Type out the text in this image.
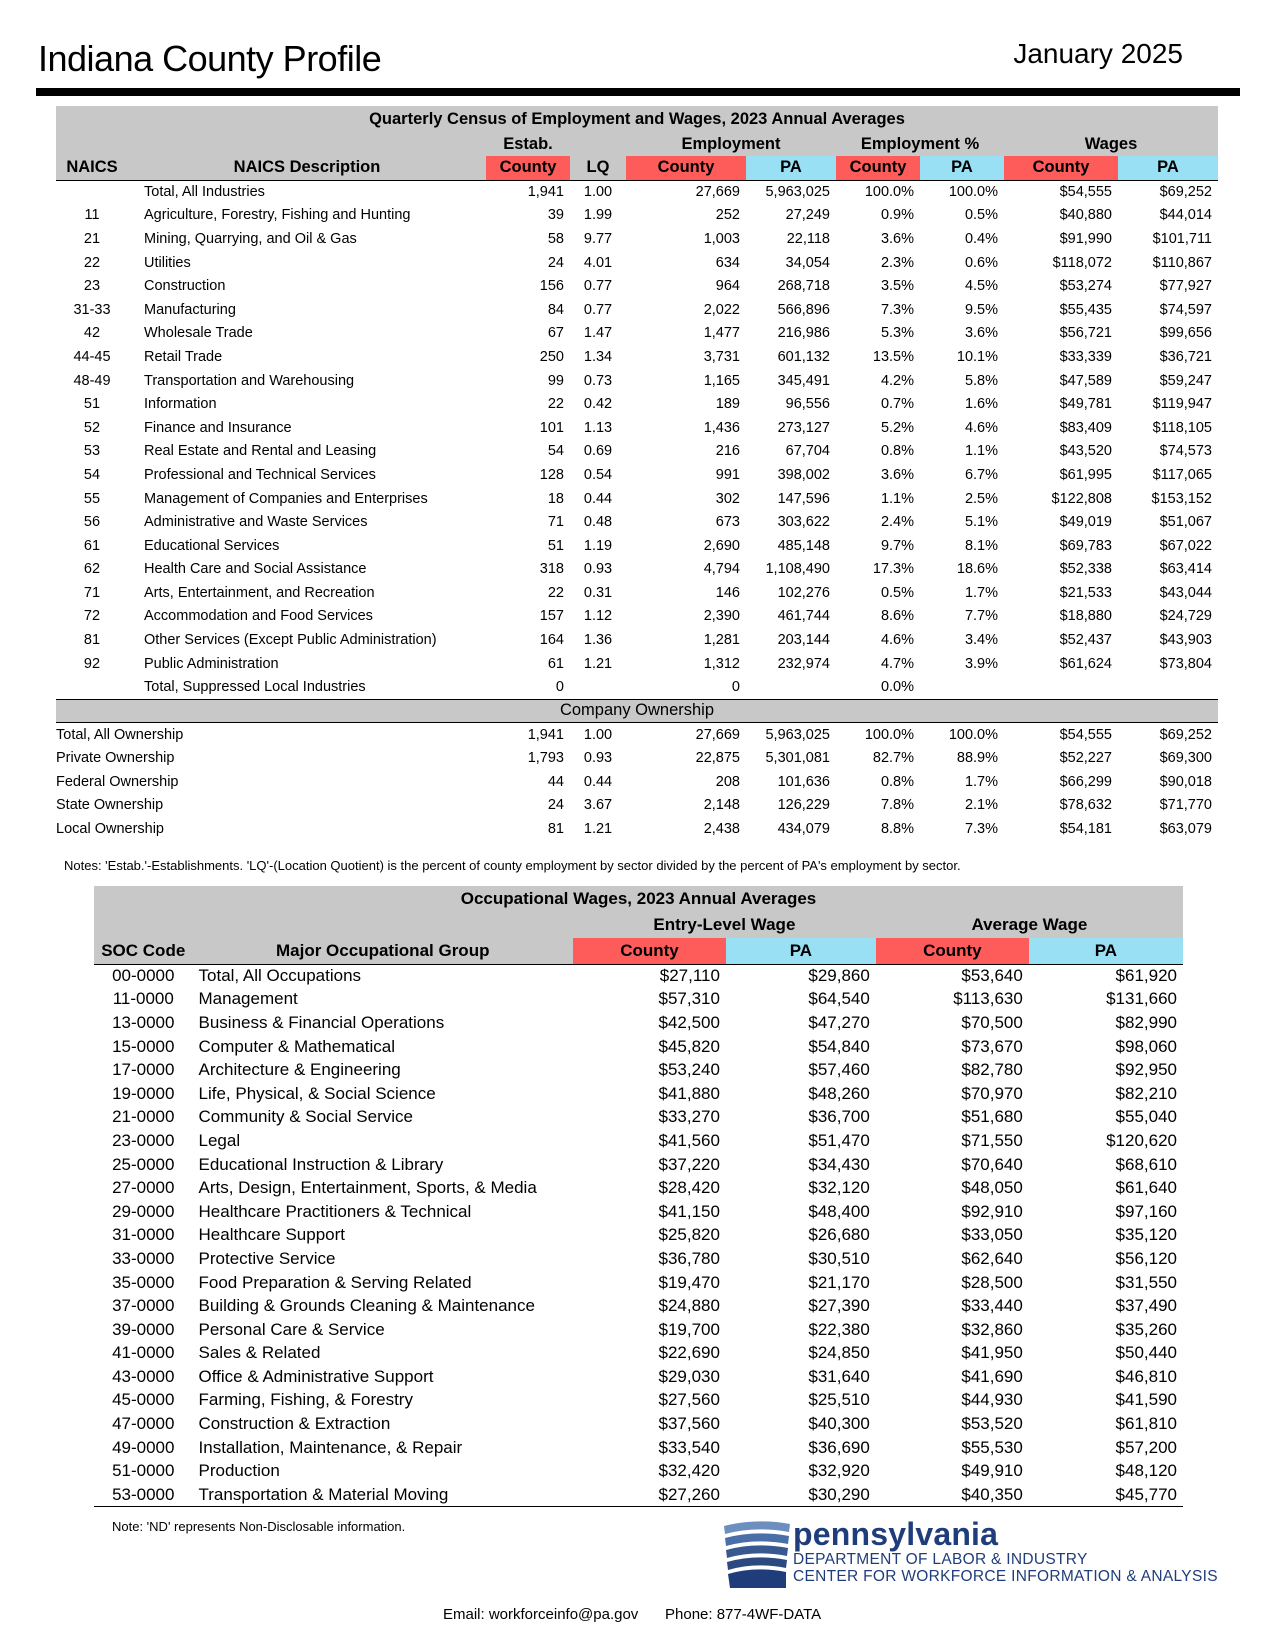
Indiana County Profile	January 2025
Quarterly Census of Employment and Wages, 2023 Annual Averages									
		Estab.		Employment		Employment %		Wages	
NAICS	NAICS Description	County	LQ	County	PA	County	PA	County	PA
	Total, All Industries	1,941	1.00	27,669	5,963,025	100.0%	100.0%	$54,555	$69,252
11	Agriculture, Forestry, Fishing and Hunting	39	1.99	252	27,249	0.9%	0.5%	$40,880	$44,014
21	Mining, Quarrying, and Oil & Gas	58	9.77	1,003	22,118	3.6%	0.4%	$91,990	$101,711
22	Utilities	24	4.01	634	34,054	2.3%	0.6%	$118,072	$110,867
23	Construction	156	0.77	964	268,718	3.5%	4.5%	$53,274	$77,927
31-33	Manufacturing	84	0.77	2,022	566,896	7.3%	9.5%	$55,435	$74,597
42	Wholesale Trade	67	1.47	1,477	216,986	5.3%	3.6%	$56,721	$99,656
44-45	Retail Trade	250	1.34	3,731	601,132	13.5%	10.1%	$33,339	$36,721
48-49	Transportation and Warehousing	99	0.73	1,165	345,491	4.2%	5.8%	$47,589	$59,247
51	Information	22	0.42	189	96,556	0.7%	1.6%	$49,781	$119,947
52	Finance and Insurance	101	1.13	1,436	273,127	5.2%	4.6%	$83,409	$118,105
53	Real Estate and Rental and Leasing	54	0.69	216	67,704	0.8%	1.1%	$43,520	$74,573
54	Professional and Technical Services	128	0.54	991	398,002	3.6%	6.7%	$61,995	$117,065
55	Management of Companies and Enterprises	18	0.44	302	147,596	1.1%	2.5%	$122,808	$153,152
56	Administrative and Waste Services	71	0.48	673	303,622	2.4%	5.1%	$49,019	$51,067
61	Educational Services	51	1.19	2,690	485,148	9.7%	8.1%	$69,783	$67,022
62	Health Care and Social Assistance	318	0.93	4,794	1,108,490	17.3%	18.6%	$52,338	$63,414
71	Arts, Entertainment, and Recreation	22	0.31	146	102,276	0.5%	1.7%	$21,533	$43,044
72	Accommodation and Food Services	157	1.12	2,390	461,744	8.6%	7.7%	$18,880	$24,729
81	Other Services (Except Public Administration)	164	1.36	1,281	203,144	4.6%	3.4%	$52,437	$43,903
92	Public Administration	61	1.21	1,312	232,974	4.7%	3.9%	$61,624	$73,804
	Total, Suppressed Local Industries	0		0		0.0%			
Company Ownership									
Total, All Ownership		1,941	1.00	27,669	5,963,025	100.0%	100.0%	$54,555	$69,252
Private Ownership		1,793	0.93	22,875	5,301,081	82.7%	88.9%	$52,227	$69,300
Federal Ownership		44	0.44	208	101,636	0.8%	1.7%	$66,299	$90,018
State Ownership		24	3.67	2,148	126,229	7.8%	2.1%	$78,632	$71,770
Local Ownership		81	1.21	2,438	434,079	8.8%	7.3%	$54,181	$63,079
Notes: 'Estab.'-Establishments. 'LQ'-(Location Quotient) is the percent of county employment by sector divided by the percent of PA's employment by sector.
Occupational Wages, 2023 Annual Averages					
		Entry-Level Wage		Average Wage	
SOC Code	Major Occupational Group	County	PA	County	PA
00-0000	Total, All Occupations	$27,110	$29,860	$53,640	$61,920
11-0000	Management	$57,310	$64,540	$113,630	$131,660
13-0000	Business & Financial Operations	$42,500	$47,270	$70,500	$82,990
15-0000	Computer & Mathematical	$45,820	$54,840	$73,670	$98,060
17-0000	Architecture & Engineering	$53,240	$57,460	$82,780	$92,950
19-0000	Life, Physical, & Social Science	$41,880	$48,260	$70,970	$82,210
21-0000	Community & Social Service	$33,270	$36,700	$51,680	$55,040
23-0000	Legal	$41,560	$51,470	$71,550	$120,620
25-0000	Educational Instruction & Library	$37,220	$34,430	$70,640	$68,610
27-0000	Arts, Design, Entertainment, Sports, & Media	$28,420	$32,120	$48,050	$61,640
29-0000	Healthcare Practitioners & Technical	$41,150	$48,400	$92,910	$97,160
31-0000	Healthcare Support	$25,820	$26,680	$33,050	$35,120
33-0000	Protective Service	$36,780	$30,510	$62,640	$56,120
35-0000	Food Preparation & Serving Related	$19,470	$21,170	$28,500	$31,550
37-0000	Building & Grounds Cleaning & Maintenance	$24,880	$27,390	$33,440	$37,490
39-0000	Personal Care & Service	$19,700	$22,380	$32,860	$35,260
41-0000	Sales & Related	$22,690	$24,850	$41,950	$50,440
43-0000	Office & Administrative Support	$29,030	$31,640	$41,690	$46,810
45-0000	Farming, Fishing, & Forestry	$27,560	$25,510	$44,930	$41,590
47-0000	Construction & Extraction	$37,560	$40,300	$53,520	$61,810
49-0000	Installation, Maintenance, & Repair	$33,540	$36,690	$55,530	$57,200
51-0000	Production	$32,420	$32,920	$49,910	$48,120
53-0000	Transportation & Material Moving	$27,260	$30,290	$40,350	$45,770
Note: 'ND' represents Non-Disclosable information.	pennsylvania
DEPARTMENT OF LABOR & INDUSTRY
CENTER FOR WORKFORCE INFORMATION & ANALYSIS
Email: workforceinfo@pa.gov Phone: 877-4WF-DATA
